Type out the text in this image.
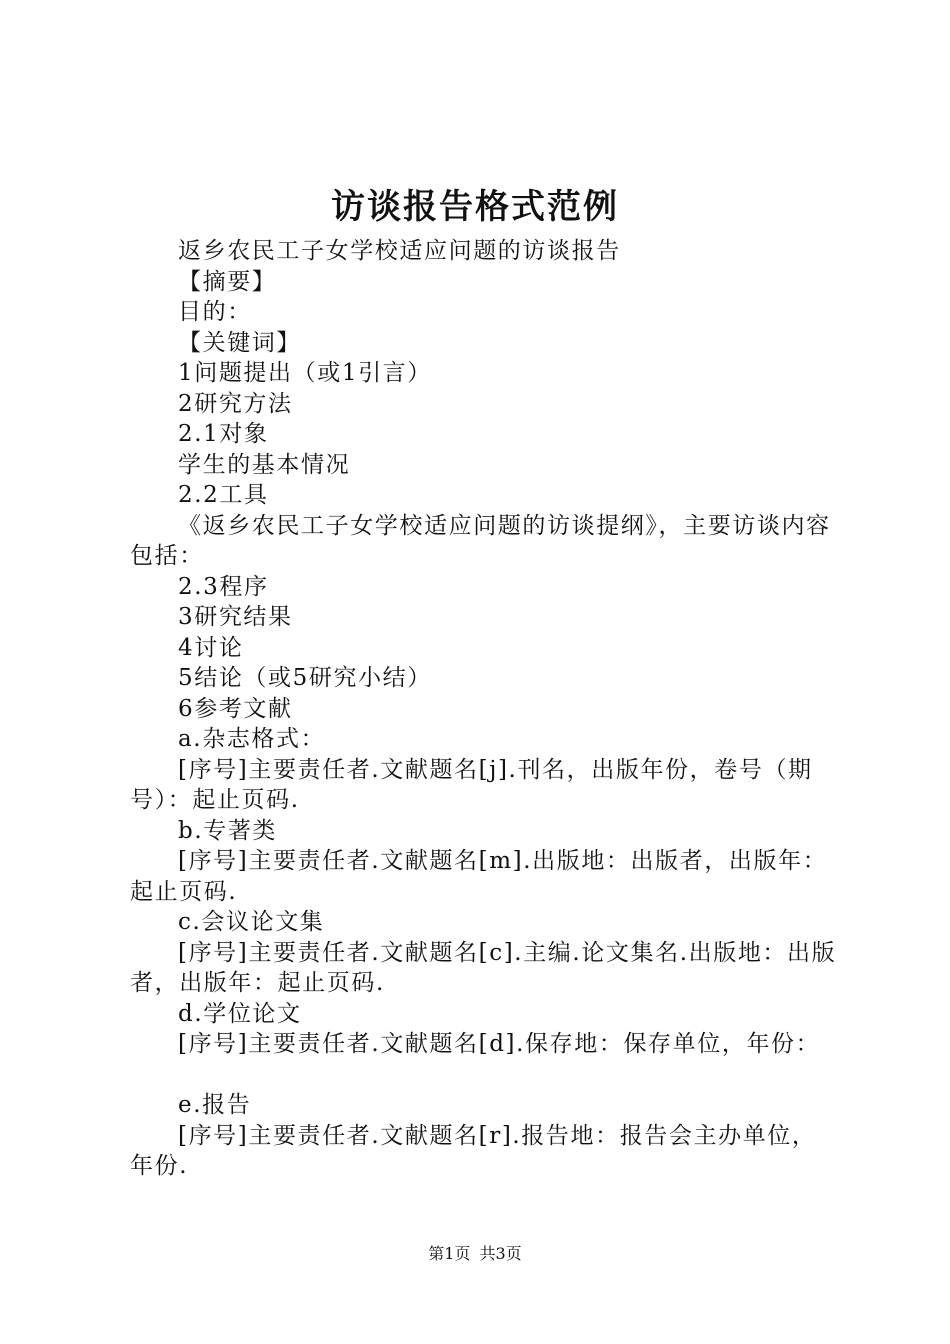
访谈报告格式范例

返乡农民工子女学校适应问题的访谈报告

【摘要】

目的：

【关键词】

1问题提出（或1引言）

2研究方法

2.1对象

学生的基本情况

2.2工具

《返乡农民工子女学校适应问题的访谈提纲》，主要访谈内容包括：

2.3程序

3研究结果

4讨论

5结论（或5研究小结）

6参考文献

a.杂志格式：

[序号]主要责任者.文献题名[j].刊名，出版年份，卷号（期号）：起止页码.

b.专著类

[序号]主要责任者.文献题名[m].出版地：出版者，出版年：起止页码.

c.会议论文集

[序号]主要责任者.文献题名[c].主编.论文集名.出版地：出版者，出版年：起止页码.

d.学位论文

[序号]主要责任者.文献题名[d].保存地：保存单位，年份：

e.报告

[序号]主要责任者.文献题名[r].报告地：报告会主办单位，年份.

第1页 共3页
